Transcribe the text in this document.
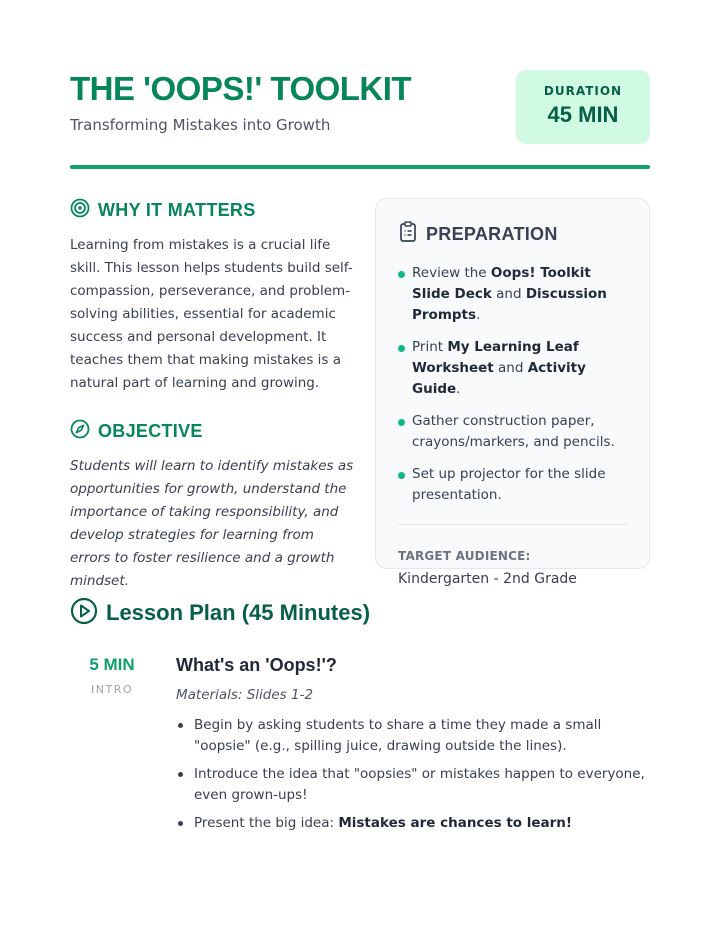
THE 'OOPS!' TOOLKIT
Transforming Mistakes into Growth
DURATION
45 MIN
WHY IT MATTERS

Learning from mistakes is a crucial life skill. This lesson helps students build self-compassion, perseverance, and problem-solving abilities, essential for academic success and personal development. It teaches them that making mistakes is a natural part of learning and growing.

OBJECTIVE

Students will learn to identify mistakes as opportunities for growth, understand the importance of taking responsibility, and develop strategies for learning from errors to foster resilience and a growth mindset.

PREPARATION
Review the Oops! Toolkit Slide Deck and Discussion Prompts.
Print My Learning Leaf Worksheet and Activity Guide.
Gather construction paper, crayons/markers, and pencils.
Set up projector for the slide presentation.
TARGET AUDIENCE:
Kindergarten - 2nd Grade
Lesson Plan (45 Minutes)
5 MIN
INTRO
What's an 'Oops!'?
Materials: Slides 1-2
Begin by asking students to share a time they made a small "oopsie" (e.g., spilling juice, drawing outside the lines).
Introduce the idea that "oopsies" or mistakes happen to everyone, even grown-ups!
Present the big idea: Mistakes are chances to learn!
